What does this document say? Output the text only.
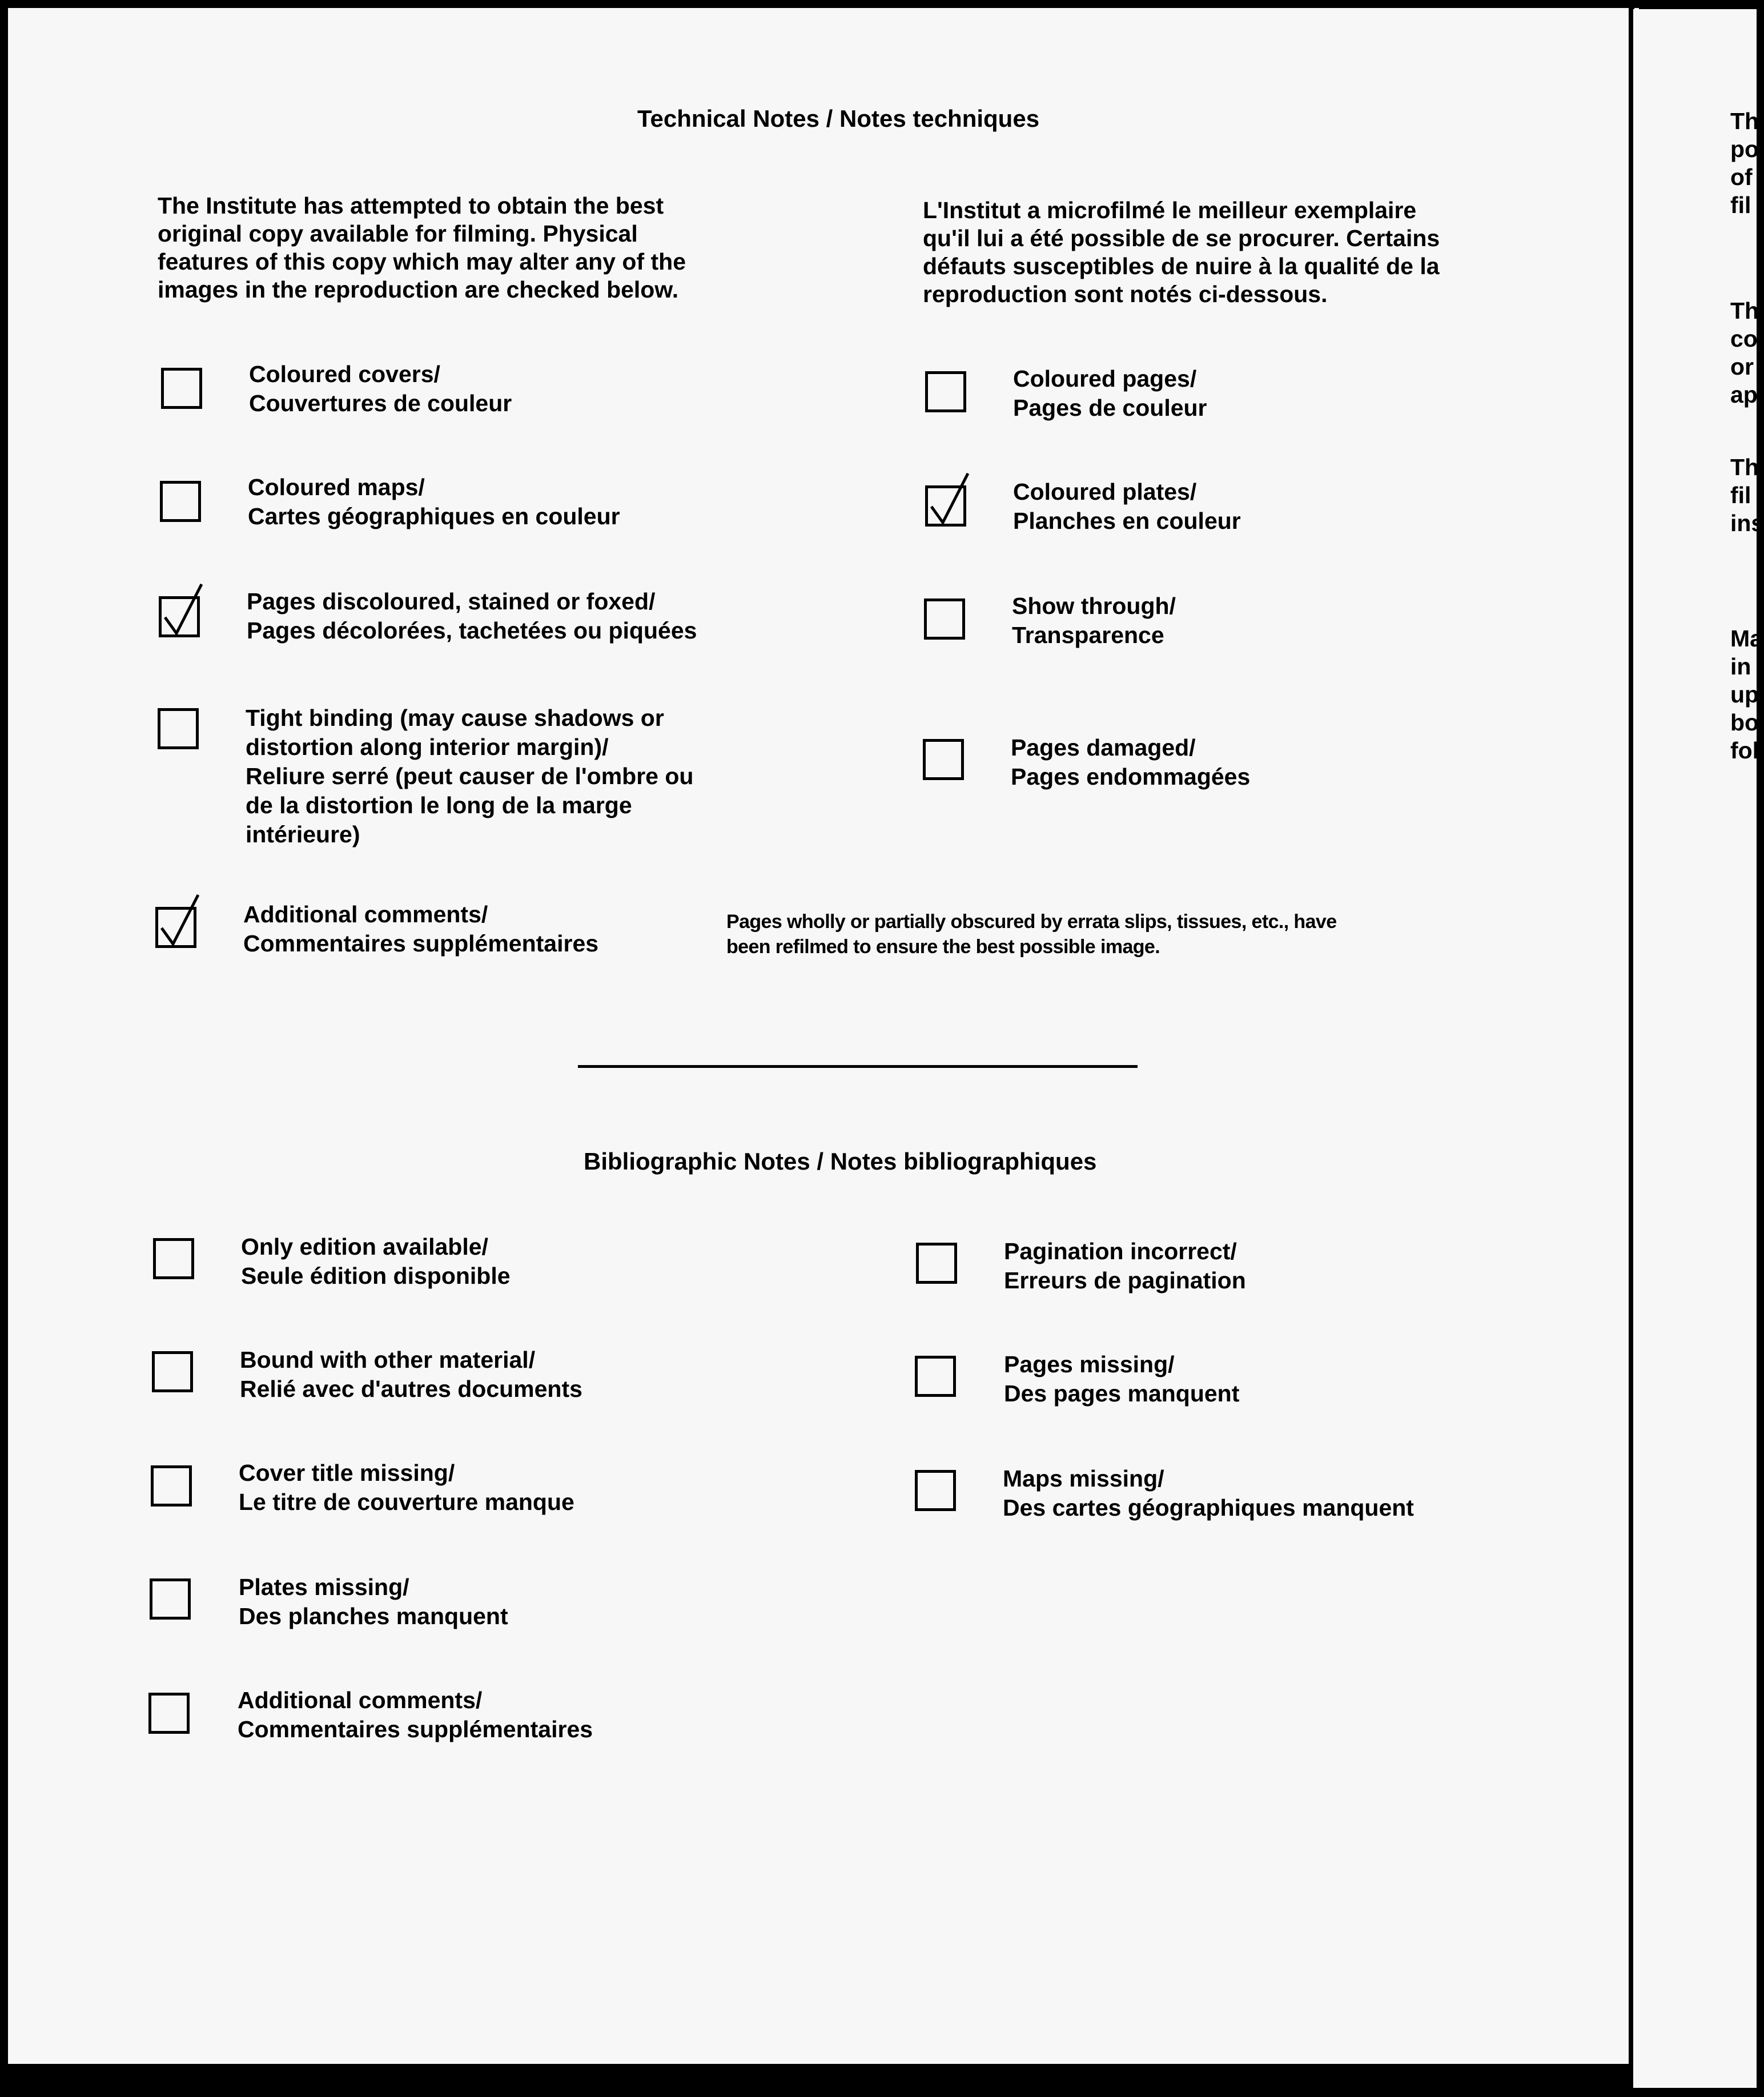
Technical Notes / Notes techniques
The Institute has attempted to obtain the best
original copy available for filming. Physical
features of this copy which may alter any of the
images in the reproduction are checked below.
L'Institut a microfilmé le meilleur exemplaire
qu'il lui a été possible de se procurer. Certains
défauts susceptibles de nuire à la qualité de la
reproduction sont notés ci-dessous.
Coloured covers/
Couvertures de couleur
Coloured maps/
Cartes géographiques en couleur
Pages discoloured, stained or foxed/
Pages décolorées, tachetées ou piquées
Tight binding (may cause shadows or
distortion along interior margin)/
Reliure serré (peut causer de l'ombre ou
de la distortion le long de la marge
intérieure)
Coloured pages/
Pages de couleur
Coloured plates/
Planches en couleur
Show through/
Transparence
Pages damaged/
Pages endommagées
Additional comments/
Commentaires supplémentaires
Pages wholly or partially obscured by errata slips, tissues, etc., have
been refilmed to ensure the best possible image.
Bibliographic Notes / Notes bibliographiques
Only edition available/
Seule édition disponible
Bound with other material/
Relié avec d'autres documents
Cover title missing/
Le titre de couverture manque
Plates missing/
Des planches manquent
Additional comments/
Commentaires supplémentaires
Pagination incorrect/
Erreurs de pagination
Pages missing/
Des pages manquent
Maps missing/
Des cartes géographiques manquent
Th
po
of
fil
Th
co
or
ap
Th
fil
ins
Ma
in
up
bo
fol
